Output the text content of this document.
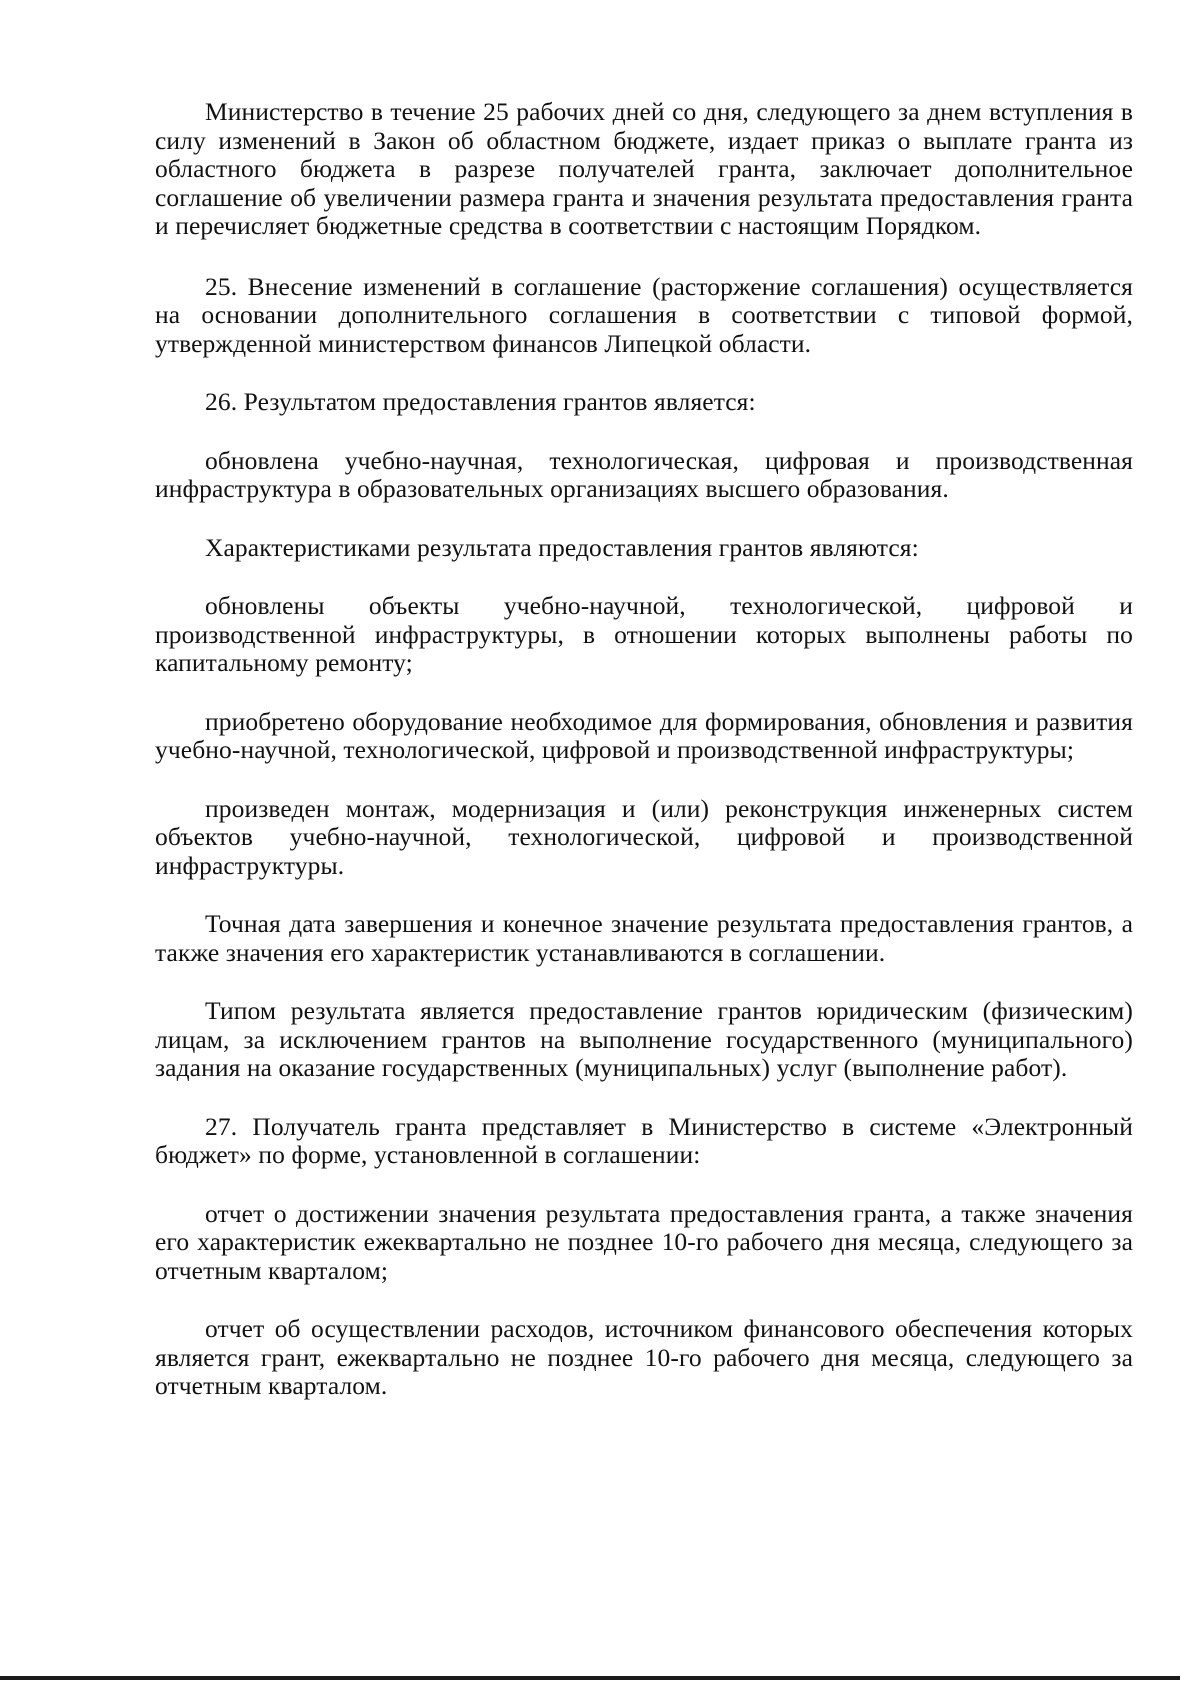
Министерство в течение 25 рабочих дней со дня, следующего за днем вступления в силу изменений в Закон об областном бюджете, издает приказ о выплате гранта из областного бюджета в разрезе получателей гранта, заключает дополнительное соглашение об увеличении размера гранта и значения результата предоставления гранта и перечисляет бюджетные средства в соответствии с настоящим Порядком.

25. Внесение изменений в соглашение (расторжение соглашения) осуществляется на основании дополнительного соглашения в соответствии с типовой формой, утвержденной министерством финансов Липецкой области.

26. Результатом предоставления грантов является:

обновлена учебно-научная, технологическая, цифровая и производственная инфраструктура в образовательных организациях высшего образования.

Характеристиками результата предоставления грантов являются:

обновлены объекты учебно-научной, технологической, цифровой и производственной инфраструктуры, в отношении которых выполнены работы по капитальному ремонту;

приобретено оборудование необходимое для формирования, обновления и развития учебно-научной, технологической, цифровой и производственной инфраструктуры;

произведен монтаж, модернизация и (или) реконструкция инженерных систем объектов учебно-научной, технологической, цифровой и производственной инфраструктуры.

Точная дата завершения и конечное значение результата предоставления грантов, а также значения его характеристик устанавливаются в соглашении.

Типом результата является предоставление грантов юридическим (физическим) лицам, за исключением грантов на выполнение государственного (муниципального) задания на оказание государственных (муниципальных) услуг (выполнение работ).

27. Получатель гранта представляет в Министерство в системе «Электронный бюджет» по форме, установленной в соглашении:

отчет о достижении значения результата предоставления гранта, а также значения его характеристик ежеквартально не позднее 10-го рабочего дня месяца, следующего за отчетным кварталом;

отчет об осуществлении расходов, источником финансового обеспечения которых является грант, ежеквартально не позднее 10-го рабочего дня месяца, следующего за отчетным кварталом.
